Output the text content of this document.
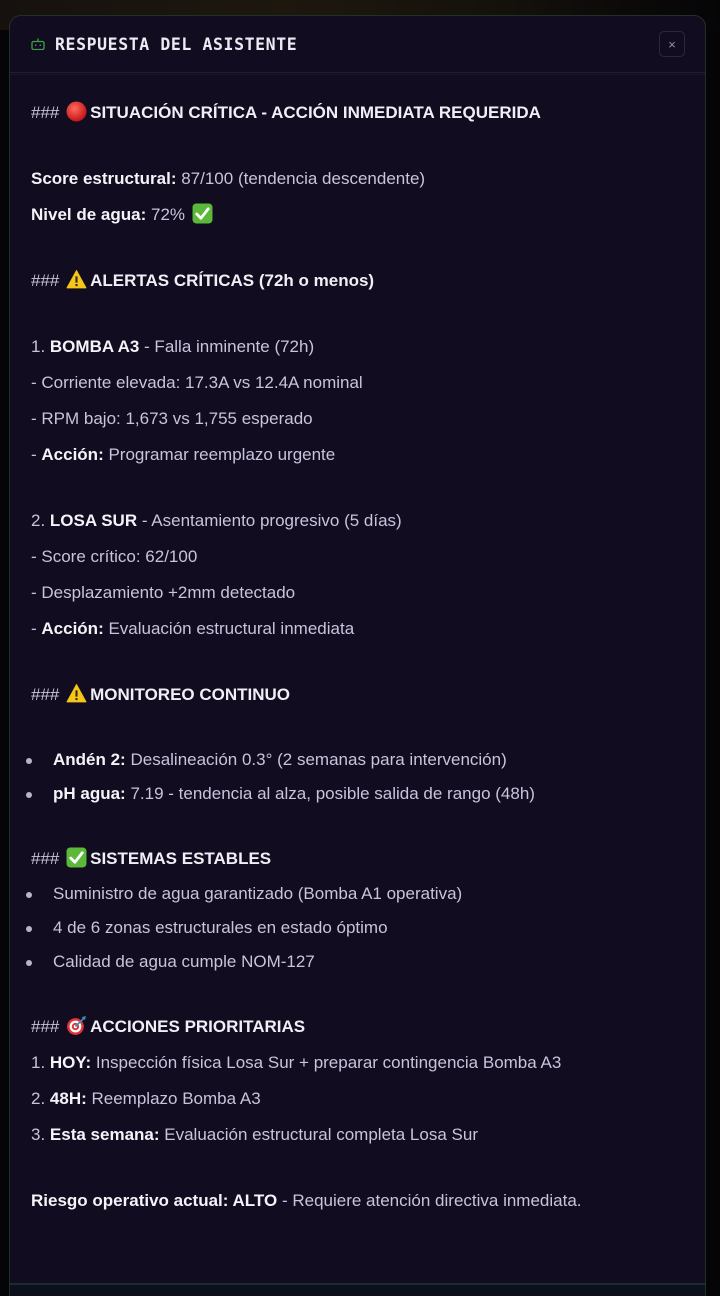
RESPUESTA DEL ASISTENTE	×
### SITUACIÓN CRÍTICA - ACCIÓN INMEDIATA REQUERIDA
Score estructural: 87/100 (tendencia descendente)
Nivel de agua: 72%
### ALERTAS CRÍTICAS (72h o menos)
1. BOMBA A3 - Falla inminente (72h)
- Corriente elevada: 17.3A vs 12.4A nominal
- RPM bajo: 1,673 vs 1,755 esperado
- Acción: Programar reemplazo urgente
2. LOSA SUR - Asentamiento progresivo (5 días)
- Score crítico: 62/100
- Desplazamiento +2mm detectado
- Acción: Evaluación estructural inmediata
### MONITOREO CONTINUO
Andén 2: Desalineación 0.3° (2 semanas para intervención)
pH agua: 7.19 - tendencia al alza, posible salida de rango (48h)
### SISTEMAS ESTABLES
Suministro de agua garantizado (Bomba A1 operativa)
4 de 6 zonas estructurales en estado óptimo
Calidad de agua cumple NOM-127
### ACCIONES PRIORITARIAS
1. HOY: Inspección física Losa Sur + preparar contingencia Bomba A3
2. 48H: Reemplazo Bomba A3
3. Esta semana: Evaluación estructural completa Losa Sur
Riesgo operativo actual: ALTO - Requiere atención directiva inmediata.
